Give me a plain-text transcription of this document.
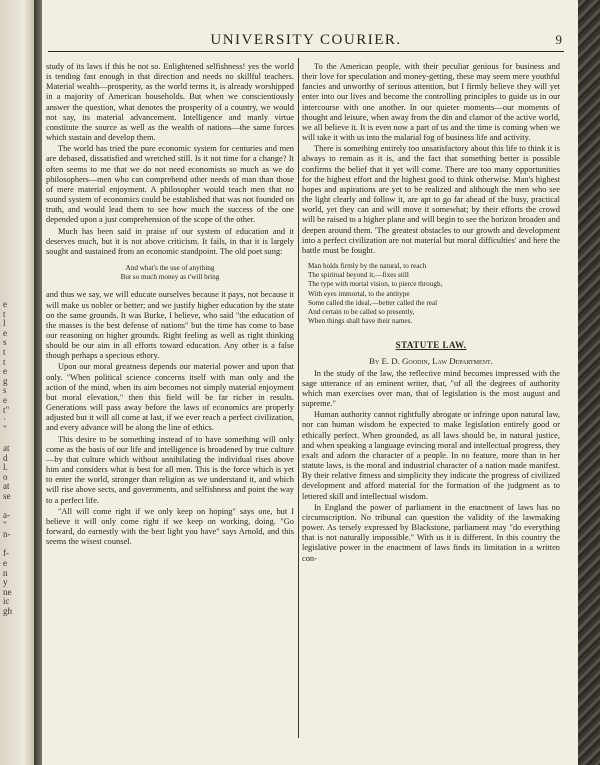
e
t
l
e
s
t
t
e
g
s
e
t"
·
"

at
d
l.
o
at
se

a-
"
n-

f-
e
n
y
ne
ic
gh
UNIVERSITY COURIER.	9

study of its laws if this be not so. Enlightened selfishness! yes the world is tending fast enough in that direction and needs no skillful teachers. Material wealth—prosperity, as the world terms it, is already worshipped in a majority of American households. But when we conscientiously answer the question, what denotes the prosperity of a country, we would not say, its material advancement. Intelligence and manly virtue constitute the source as well as the wealth of nations—the same forces which sustain and develop them.

The world has tried the pure economic system for centuries and men are debased, dissatisfied and wretched still. Is it not time for a change? It often seems to me that we do not need economists so much as we do philosophers—men who can comprehend other needs of man than those of mere material enjoyment. A philosopher would teach men that no sound system of economics could be established that was not founded on truth, and would lead them to see how much the success of the one depended upon a just comprehension of the scope of the other.

Much has been said in praise of our system of education and it deserves much, but it is not above criticism. It fails, in that it is largely sought and sustained from an economic standpoint. The old poet sung:

And what's the use of anything
But so much money as t'will bring

and thus we say, we will educate ourselves because it pays, not because it will make us nobler or better; and we justify higher education by the state on the same grounds. It was Burke, I believe, who said "the education of the masses is the best defense of nations" but the time has come to base our reasoning on higher grounds. Right feeling as well as right thinking should be our aim in all efforts toward education. Any other is a false though perhaps a specious ethory.

Upon our moral greatness depends our material power and upon that only. "When political science concerns itself with man only and the action of the mind, when its aim becomes not simply material enjoyment but moral elevation," then this field will be far richer in results. Generations will pass away before the laws of economics are properly adjusted but it will all come at last, if we ever reach a perfect civilization, and every advance will be along the line of ethics.

This desire to be something instead of to have something will only come as the basis of our life and intelligence is broadened by true culture—by that culture which without annihilating the individual rises above him and considers what is best for all men. This is the force which is yet to enter the world, stronger than religion as we understand it, and which will rise above sects, and governments, and selfishness and point the way to a perfect life.

"All will come right if we only keep on hoping" says one, but I believe it will only come right if we keep on working, doing. "Go forward, do earnestly with the best light you have" says Arnold, and this seems the wisest counsel.

To the American people, with their peculiar genious for business and their love for speculation and money-getting, these may seem mere youthful fancies and unworthy of serious attention, but I firmly believe they will yet enter into our lives and become the controlling principles to guide us in our intercourse with one another. In our quieter moments—our moments of thought and leisure, when away from the din and clamor of the active world, we all believe it. It is even now a part of us and the time is coming when we will take it with us into the malarial fog of business life and activity.

There is something entirely too unsatisfactory about this life to think it is always to remain as it is, and the fact that something better is possible confirms the belief that it yet will come. There are too many opportunities for the highest effort and the highest good to think otherwise. Man's highest hopes and aspirations are yet to be realized and although the men who see the light clearly and follow it, are apt to go far ahead of the busy, practical world, yet they can and will move it somewhat; by their efforts the crowd will be raised to a higher plane and will begin to see the horizon broaden and deepen around them. 'The greatest obstacles to our growth and development into a perfect civilization are not material but moral difficulties' and here the battle must be fought.

Man holds firmly by the natural, to reach
The spiritual beyond it,—fixes still
The type with mortal vision, to pierce through,
With eyes immortal, to the antitype
Some called the ideal,—better called the real
And certain to be called so presently,
When things shall have their names.
STATUTE LAW.
By E. D. Goodin, Law Department.

In the study of the law, the reflective mind becomes impressed with the sage utterance of an eminent writer, that, "of all the degrees of authority which man exercises over man, that of legislation is the most august and supreme."

Human authority cannot rightfully abrogate or infringe upon natural law, nor can human wisdom be expected to make legislation entirely good or ethically perfect. When grounded, as all laws should be, in natural justice, and when speaking a language evincing moral and intellectual progress, they exalt and adorn the character of a people. In no feature, more than in her statute laws, is the moral and industrial character of a nation made manifest. By their relative fitness and simplicity they indicate the progress of civilized development and afford material for the formation of the judgment as to lettered skill and intellectual wisdom.

In England the power of parliament in the enactment of laws has no circumscription. No tribunal can question the validity of the lawmaking power. As tersely expressed by Blackstone, parliament may "do everything that is not naturally impossible." With us it is different. In this country the legislative power in the enactment of laws finds its limitation in a written con-
